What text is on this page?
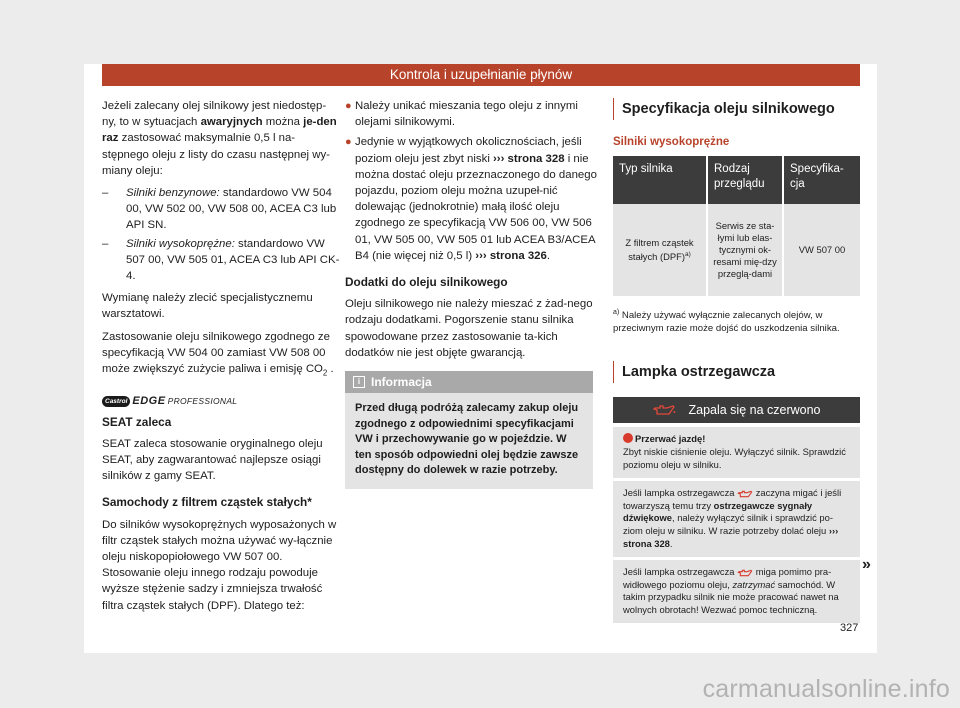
Kontrola i uzupełnianie płynów

Jeżeli zalecany olej silnikowy jest niedostęp-ny, to w sytuacjach awaryjnych można je-den raz zastosować maksymalnie 0,5 l na-stępnego oleju z listy do czasu następnej wy-miany oleju:

– Silniki benzynowe: standardowo VW 504 00, VW 502 00, VW 508 00, ACEA C3 lub API SN.
– Silniki wysokoprężne: standardowo VW 507 00, VW 505 01, ACEA C3 lub API CK-4.

Wymianę należy zlecić specjalistycznemu warsztatowi.

Zastosowanie oleju silnikowego zgodnego ze specyfikacją VW 504 00 zamiast VW 508 00 może zwiększyć zużycie paliwa i emisję $CO_2$ .

Castrol EDGE PROFESSIONAL
SEAT zaleca

SEAT zaleca stosowanie oryginalnego oleju SEAT, aby zagwarantować najlepsze osiągi silników z gamy SEAT.

Samochody z filtrem cząstek stałych*

Do silników wysokoprężnych wyposażonych w filtr cząstek stałych można używać wy-łącznie oleju niskopopiołowego VW 507 00. Stosowanie oleju innego rodzaju powoduje wyższe stężenie sadzy i zmniejsza trwałość filtra cząstek stałych (DPF). Dlatego też:

● Należy unikać mieszania tego oleju z innymi olejami silnikowymi.
● Jedynie w wyjątkowych okolicznościach, jeśli poziom oleju jest zbyt niski ››› strona 328 i nie można dostać oleju przeznaczonego do danego pojazdu, poziom oleju można uzupeł-nić dolewając (jednokrotnie) małą ilość oleju zgodnego ze specyfikacją VW 506 00, VW 506 01, VW 505 00, VW 505 01 lub ACEA B3/ACEA B4 (nie więcej niż 0,5 l) ››› strona 326.
Dodatki do oleju silnikowego

Oleju silnikowego nie należy mieszać z żad-nego rodzaju dodatkami. Pogorszenie stanu silnika spowodowane przez zastosowanie ta-kich dodatków nie jest objęte gwarancją.

i Informacja
Przed długą podróżą zalecamy zakup oleju zgodnego z odpowiednimi specyfikacjami VW i przechowywanie go w pojeździe. W ten sposób odpowiedni olej będzie zawsze dostępny do dolewek w razie potrzeby.
Specyfikacja oleju silnikowego
Silniki wysokoprężne
Typ silnika	Rodzaj przeglądu	Specyfika-cja
Z filtrem cząstek stałych (DPF)$^{a)}$	Serwis ze sta-łymi lub elas-tycznymi ok-resami mię-dzy przeglą-dami	VW 507 00
$^{a)}$ Należy używać wyłącznie zalecanych olejów, w przeciwnym razie może dojść do uszkodzenia silnika.
Lampka ostrzegawcza
Zapala się na czerwono
Przerwać jazdę!
Zbyt niskie ciśnienie oleju. Wyłączyć silnik. Sprawdzić poziomu oleju w silniku.
Jeśli lampka ostrzegawcza  zaczyna migać i jeśli towarzyszą temu trzy ostrzegawcze sygnały dźwiękowe, należy wyłączyć silnik i sprawdzić po-ziom oleju w silniku. W razie potrzeby dolać oleju ››› strona 328.
Jeśli lampka ostrzegawcza  miga pomimo pra-widłowego poziomu oleju, zatrzymać samochód. W takim przypadku silnik nie może pracować nawet na wolnych obrotach! Wezwać pomoc techniczną.
»
327
carmanualsonline.info
